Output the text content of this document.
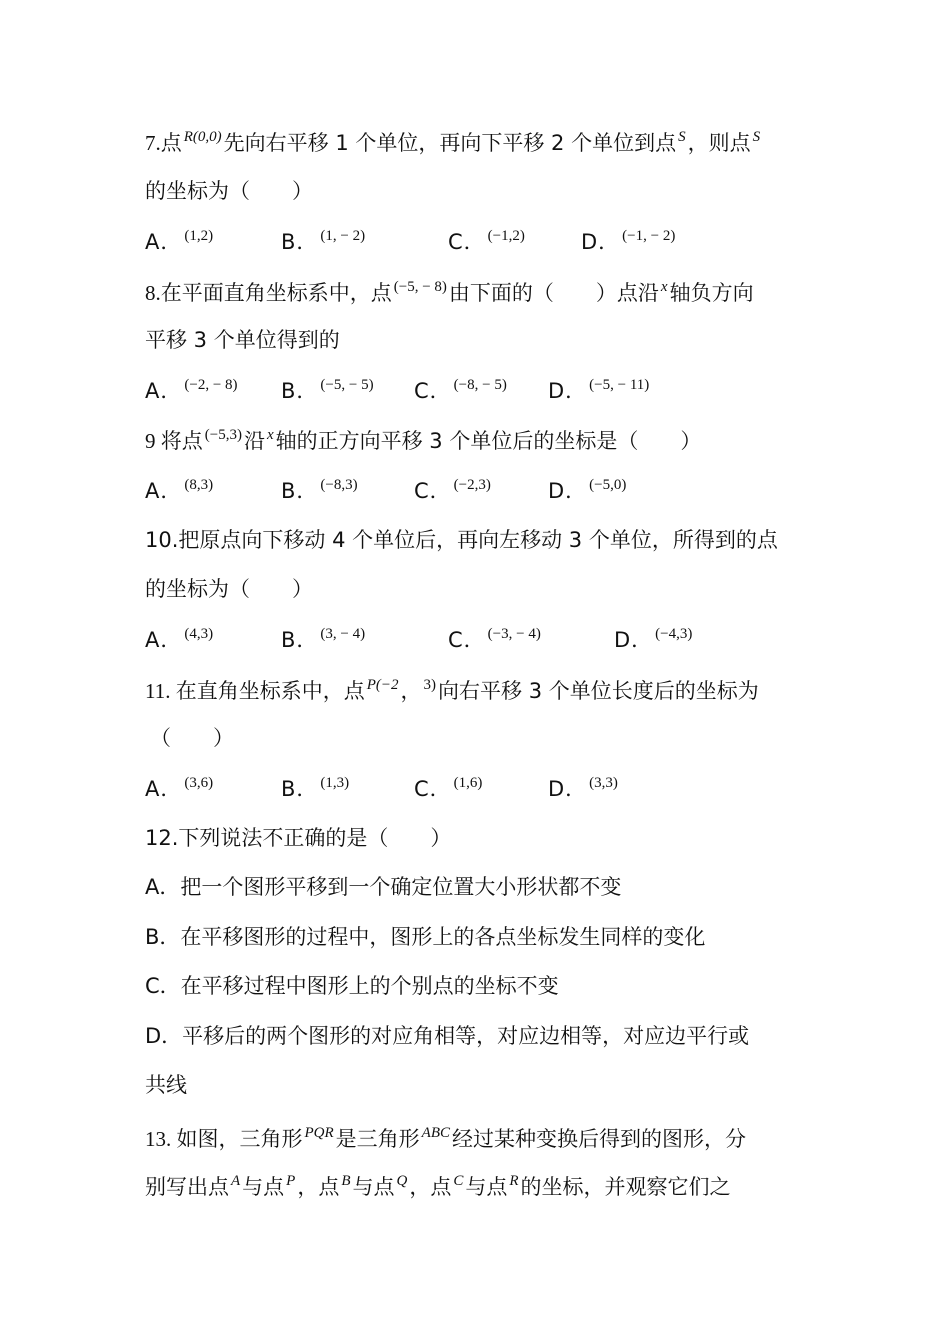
7.点 $^{R(0,0)}$先向右平移 1 个单位，再向下平移 2 个单位到点 $^S$，则点 $^S$
的坐标为（　　）
A． $^{(1,2)}$	B． $^{(1, - 2)}$	C． $^{(-1,2)}$	D． $^{(-1, - 2)}$
8.在平面直角坐标系中，点 $^{(-5, - 8)}$由下面的（　　）点沿 $^x$轴负方向
平移 3 个单位得到的
A． $^{(-2, - 8)}$ B． $^{(-5, - 5)}$ C． $^{(-8, - 5)}$ D． $^{(-5, - 11)}$
9 将点 $^{(-5,3)}$沿 $^x$轴的正方向平移 3 个单位后的坐标是（　　）
A． $^{(8,3)}$	B． $^{(-8,3)}$	C． $^{(-2,3)}$	D． $^{(-5,0)}$
10.把原点向下移动 4 个单位后，再向左移动 3 个单位，所得到的点
的坐标为（　　）
A． $^{(4,3)}$	B． $^{(3, - 4)}$	C． $^{(-3, - 4)}$	D． $^{(-4,3)}$
11. 在直角坐标系中，点 $^{P(-2}$， $^{3)}$向右平移 3 个单位长度后的坐标为
（　　）
A． $^{(3,6)}$	B． $^{(1,3)}$	C． $^{(1,6)}$	D． $^{(3,3)}$
12.下列说法不正确的是（　　）
A．把一个图形平移到一个确定位置大小形状都不变
B．在平移图形的过程中，图形上的各点坐标发生同样的变化
C．在平移过程中图形上的个别点的坐标不变
D．平移后的两个图形的对应角相等，对应边相等，对应边平行或
共线
13. 如图，三角形 $^{PQR}$是三角形 $^{ABC}$经过某种变换后得到的图形，分
别写出点 $^A$与点 $^P$，点 $^B$与点 $^Q$，点 $^C$与点 $^R$的坐标，并观察它们之
